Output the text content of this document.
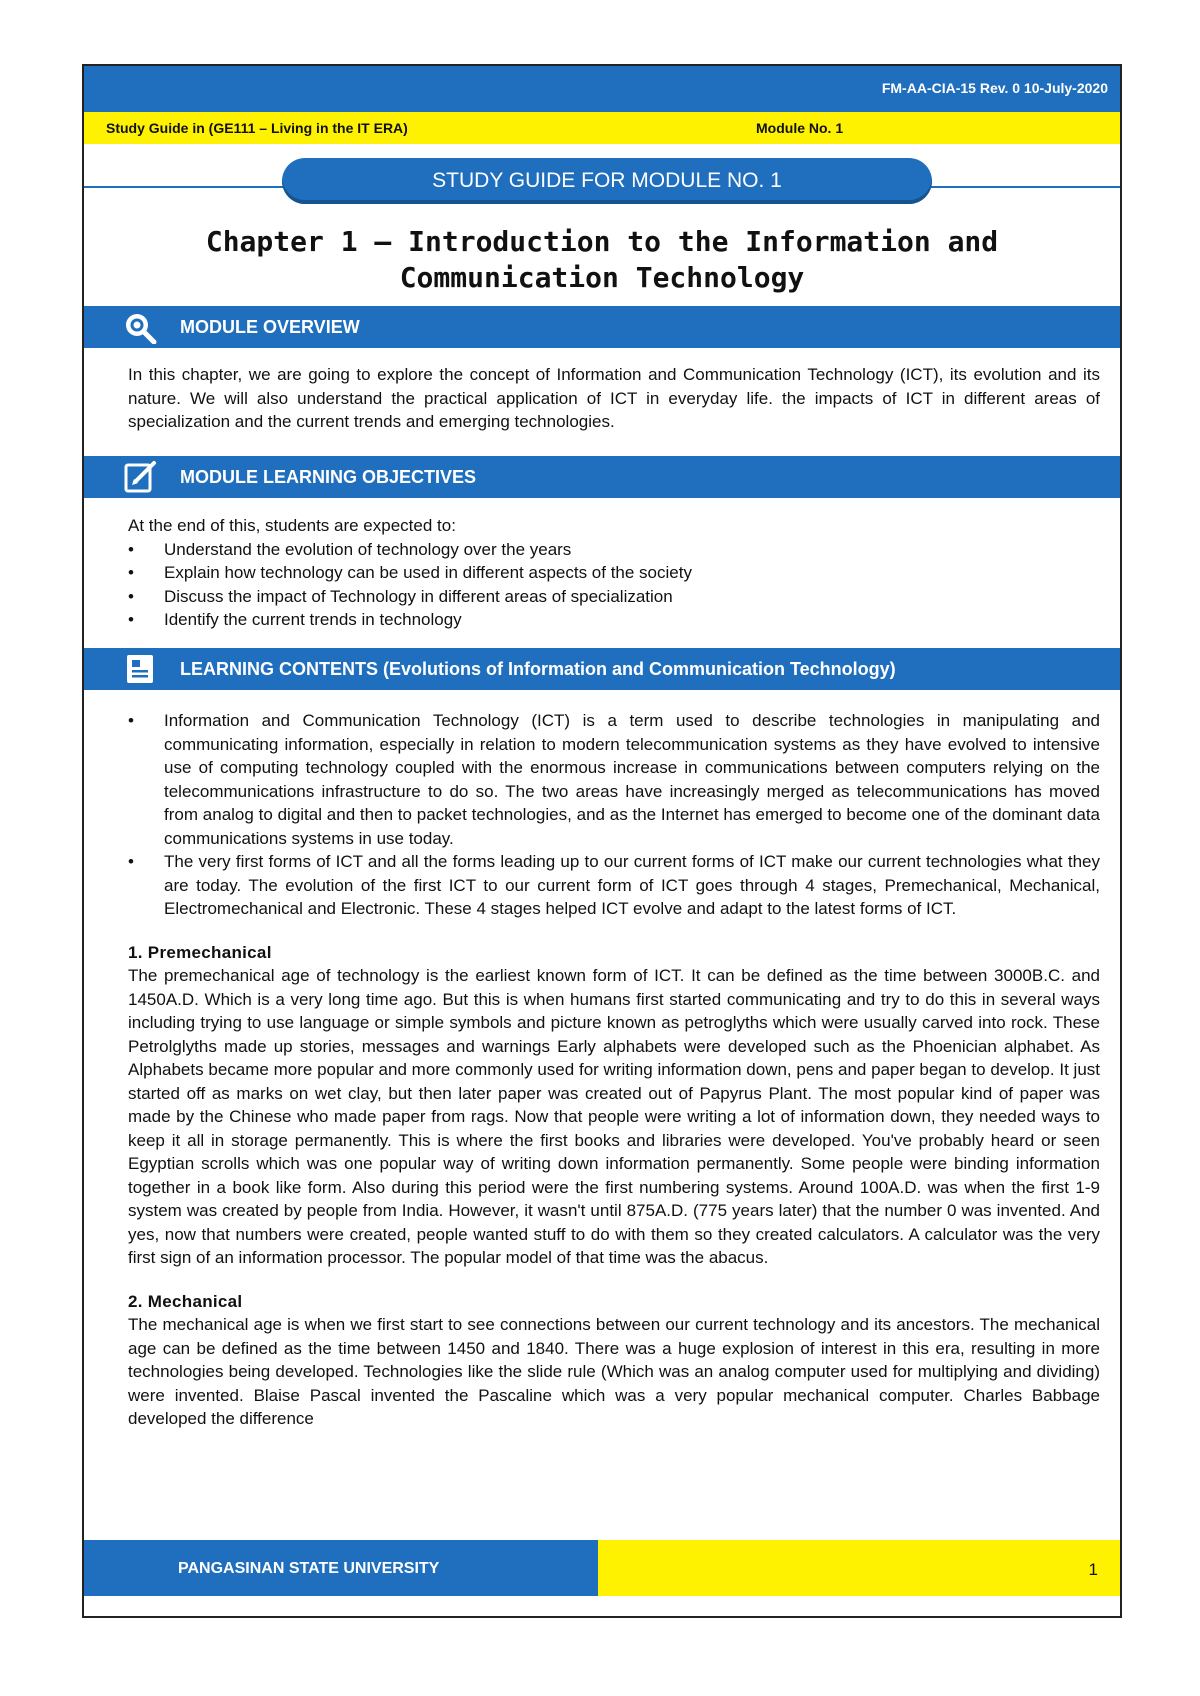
FM-AA-CIA-15 Rev. 0 10-July-2020
Study Guide in (GE111 – Living in the IT ERA)	Module No. 1
STUDY GUIDE FOR MODULE NO. 1
Chapter 1 – Introduction to the Information and
Communication Technology
MODULE OVERVIEW

In this chapter, we are going to explore the concept of Information and Communication Technology (ICT), its evolution and its nature. We will also understand the practical application of ICT in everyday life. the impacts of ICT in different areas of specialization and the current trends and emerging technologies.

MODULE LEARNING OBJECTIVES

At the end of this, students are expected to:

• Understand the evolution of technology over the years
• Explain how technology can be used in different aspects of the society
• Discuss the impact of Technology in different areas of specialization
• Identify the current trends in technology
LEARNING CONTENTS (Evolutions of Information and Communication Technology)
• Information and Communication Technology (ICT) is a term used to describe technologies in manipulating and communicating information, especially in relation to modern telecommunication systems as they have evolved to intensive use of computing technology coupled with the enormous increase in communications between computers relying on the telecommunications infrastructure to do so. The two areas have increasingly merged as telecommunications has moved from analog to digital and then to packet technologies, and as the Internet has emerged to become one of the dominant data communications systems in use today.
• The very first forms of ICT and all the forms leading up to our current forms of ICT make our current technologies what they are today. The evolution of the first ICT to our current form of ICT goes through 4 stages, Premechanical, Mechanical, Electromechanical and Electronic. These 4 stages helped ICT evolve and adapt to the latest forms of ICT.

1. Premechanical

The premechanical age of technology is the earliest known form of ICT. It can be defined as the time between 3000B.C. and 1450A.D. Which is a very long time ago. But this is when humans first started communicating and try to do this in several ways including trying to use language or simple symbols and picture known as petroglyths which were usually carved into rock. These Petrolglyths made up stories, messages and warnings Early alphabets were developed such as the Phoenician alphabet. As Alphabets became more popular and more commonly used for writing information down, pens and paper began to develop. It just started off as marks on wet clay, but then later paper was created out of Papyrus Plant. The most popular kind of paper was made by the Chinese who made paper from rags. Now that people were writing a lot of information down, they needed ways to keep it all in storage permanently. This is where the first books and libraries were developed. You've probably heard or seen Egyptian scrolls which was one popular way of writing down information permanently. Some people were binding information together in a book like form. Also during this period were the first numbering systems. Around 100A.D. was when the first 1-9 system was created by people from India. However, it wasn't until 875A.D. (775 years later) that the number 0 was invented. And yes, now that numbers were created, people wanted stuff to do with them so they created calculators. A calculator was the very first sign of an information processor. The popular model of that time was the abacus.

2. Mechanical

The mechanical age is when we first start to see connections between our current technology and its ancestors. The mechanical age can be defined as the time between 1450 and 1840. There was a huge explosion of interest in this era, resulting in more technologies being developed. Technologies like the slide rule (Which was an analog computer used for multiplying and dividing) were invented. Blaise Pascal invented the Pascaline which was a very popular mechanical computer. Charles Babbage developed the difference

PANGASINAN STATE UNIVERSITY	1
